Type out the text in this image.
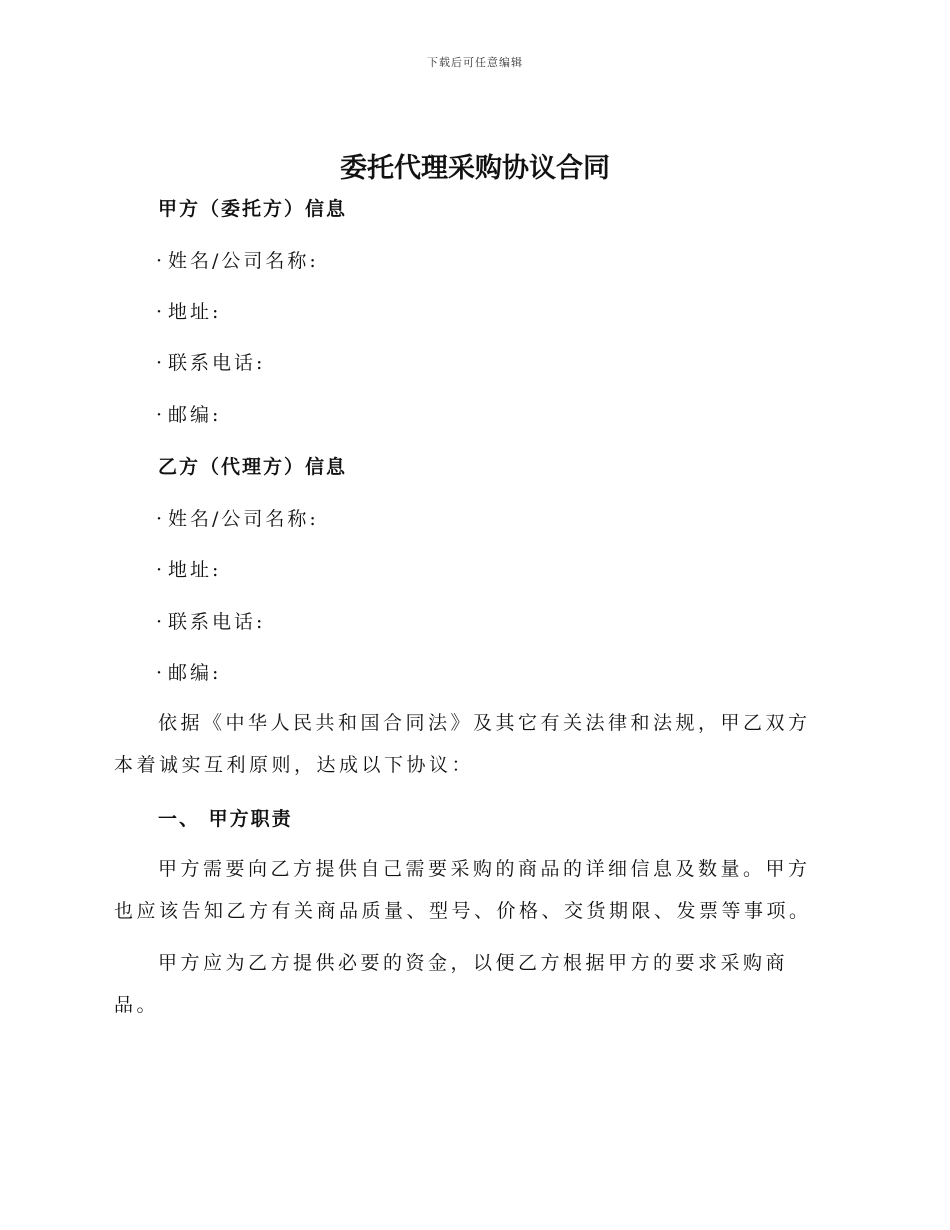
下载后可任意编辑
委托代理采购协议合同
甲方（委托方）信息
· 姓名/公司名称:
· 地址:
· 联系电话:
· 邮编:
乙方（代理方）信息
· 姓名/公司名称:
· 地址:
· 联系电话:
· 邮编:

依据《中华人民共和国合同法》及其它有关法律和法规，甲乙双方本着诚实互利原则，达成以下协议：

一、 甲方职责

甲方需要向乙方提供自己需要采购的商品的详细信息及数量。甲方也应该告知乙方有关商品质量、型号、价格、交货期限、发票等事项。

甲方应为乙方提供必要的资金，以便乙方根据甲方的要求采购商品。
